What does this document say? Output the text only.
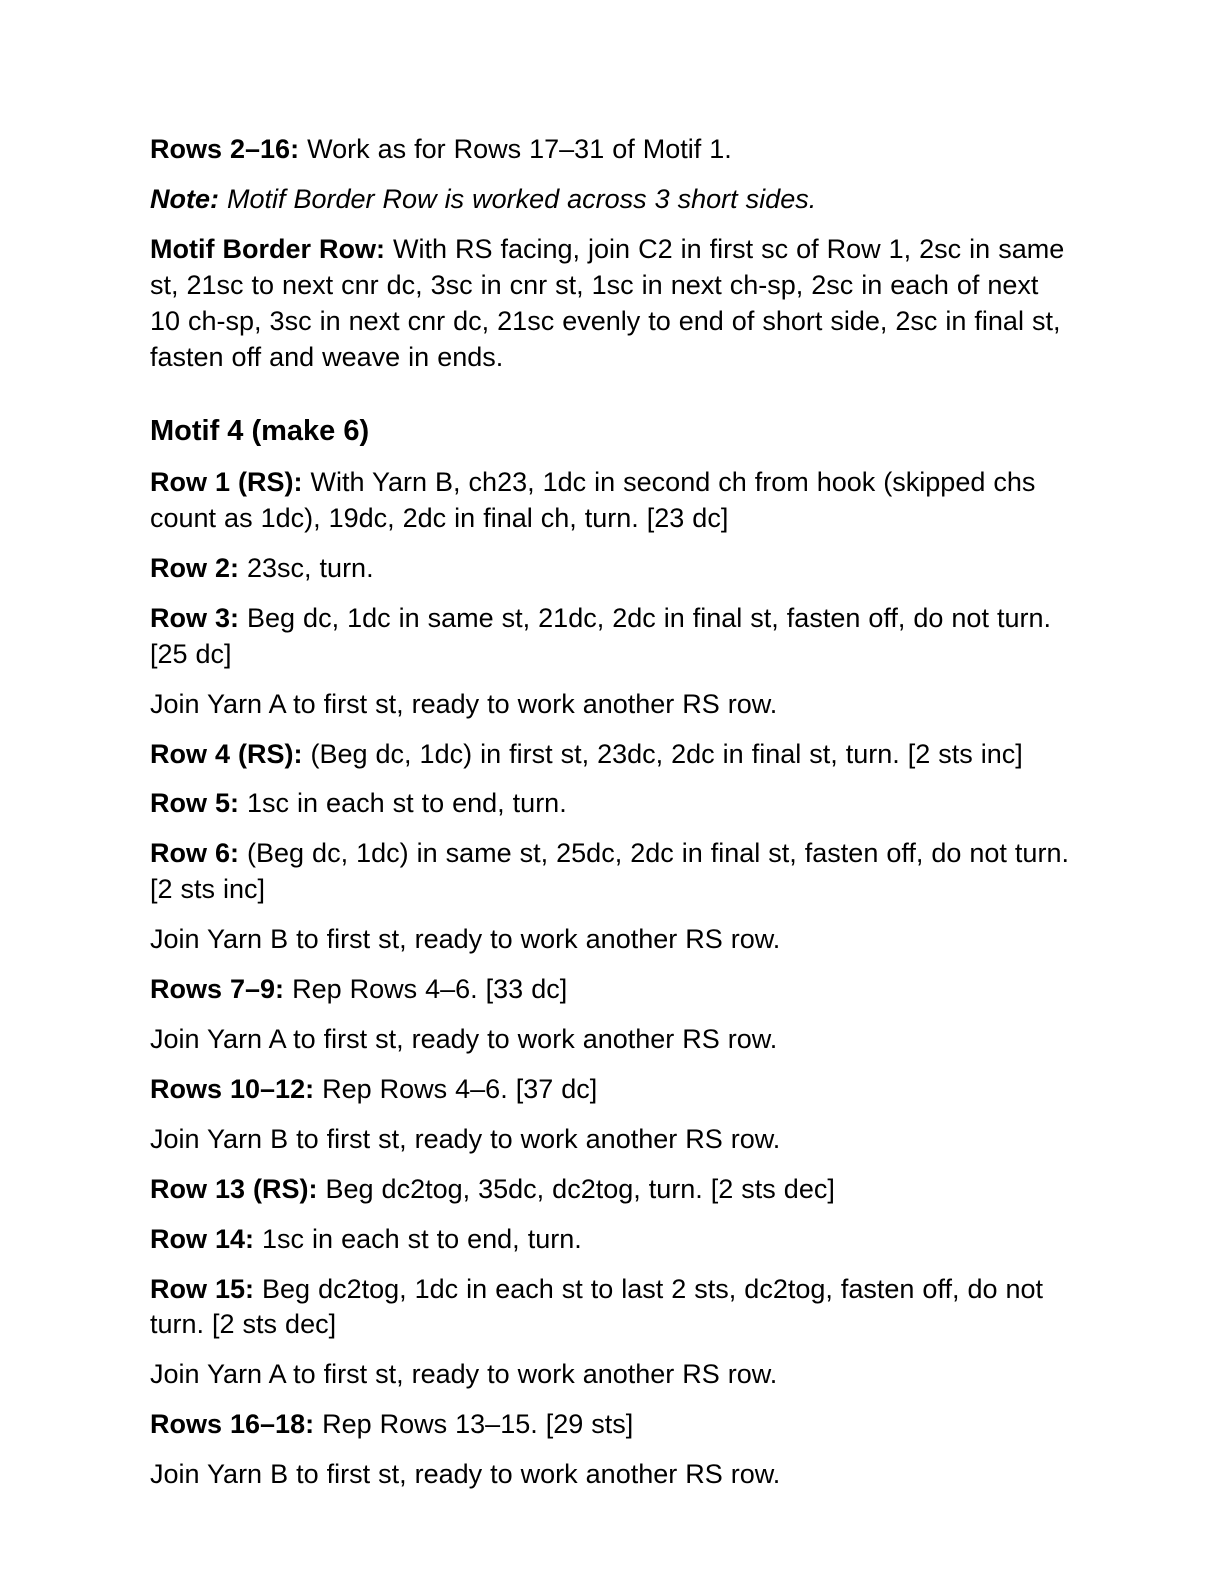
Rows 2–16: Work as for Rows 17–31 of Motif 1.

Note: Motif Border Row is worked across 3 short sides.

Motif Border Row: With RS facing, join C2 in first sc of Row 1, 2sc in same st, 21sc to next cnr dc, 3sc in cnr st, 1sc in next ch-sp, 2sc in each of next 10 ch-sp, 3sc in next cnr dc, 21sc evenly to end of short side, 2sc in final st, fasten off and weave in ends.

Motif 4 (make 6)

Row 1 (RS): With Yarn B, ch23, 1dc in second ch from hook (skipped chs count as 1dc), 19dc, 2dc in final ch, turn. [23 dc]

Row 2: 23sc, turn.

Row 3: Beg dc, 1dc in same st, 21dc, 2dc in final st, fasten off, do not turn. [25 dc]

Join Yarn A to first st, ready to work another RS row.

Row 4 (RS): (Beg dc, 1dc) in first st, 23dc, 2dc in final st, turn. [2 sts inc]

Row 5: 1sc in each st to end, turn.

Row 6: (Beg dc, 1dc) in same st, 25dc, 2dc in final st, fasten off, do not turn. [2 sts inc]

Join Yarn B to first st, ready to work another RS row.

Rows 7–9: Rep Rows 4–6. [33 dc]

Join Yarn A to first st, ready to work another RS row.

Rows 10–12: Rep Rows 4–6. [37 dc]

Join Yarn B to first st, ready to work another RS row.

Row 13 (RS): Beg dc2tog, 35dc, dc2tog, turn. [2 sts dec]

Row 14: 1sc in each st to end, turn.

Row 15: Beg dc2tog, 1dc in each st to last 2 sts, dc2tog, fasten off, do not turn. [2 sts dec]

Join Yarn A to first st, ready to work another RS row.

Rows 16–18: Rep Rows 13–15. [29 sts]

Join Yarn B to first st, ready to work another RS row.
